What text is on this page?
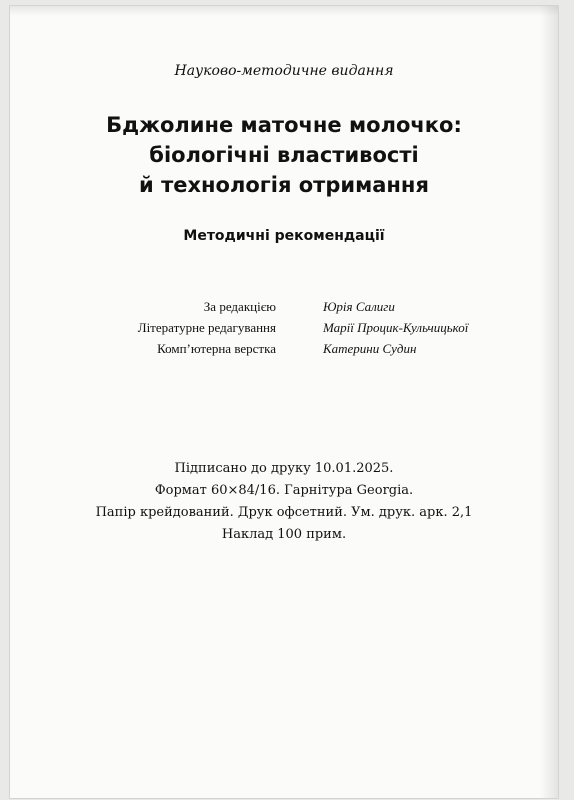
Науково-методичне видання
Бджолине маточне молочко:
біологічні властивості
й технологія отримання
Методичні рекомендації
За редакцією	Юрія Салиги
Літературне редагування	Марії Процик-Кульчицької
Комп’ютерна верстка	Катерини Судин
Підписано до друку 10.01.2025.
Формат 60×84/16. Гарнітура Georgia.
Папір крейдований. Друк офсетний. Ум. друк. арк. 2,1
Наклад 100 прим.
